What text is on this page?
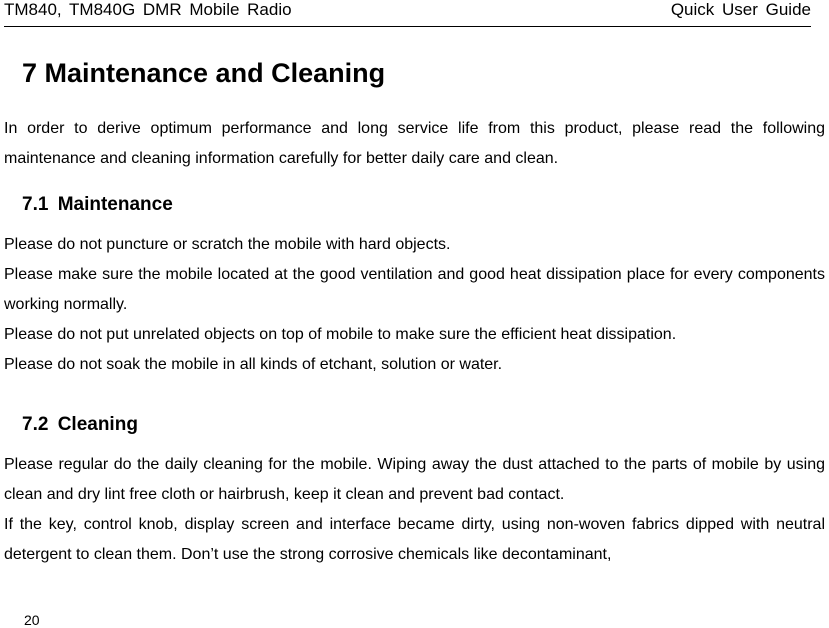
TM840, TM840G DMR Mobile Radio	Quick User Guide
7 Maintenance and Cleaning
In order to derive optimum performance and long service life from this product, please read the following maintenance and cleaning information carefully for better daily care and clean.
7.1 Maintenance
Please do not puncture or scratch the mobile with hard objects.
Please make sure the mobile located at the good ventilation and good heat dissipation place for every components working normally.
Please do not put unrelated objects on top of mobile to make sure the efficient heat dissipation.
Please do not soak the mobile in all kinds of etchant, solution or water.
7.2 Cleaning
Please regular do the daily cleaning for the mobile. Wiping away the dust attached to the parts of mobile by using clean and dry lint free cloth or hairbrush, keep it clean and prevent bad contact.
If the key, control knob, display screen and interface became dirty, using non-woven fabrics dipped with neutral detergent to clean them. Don’t use the strong corrosive chemicals like decontaminant,
20
